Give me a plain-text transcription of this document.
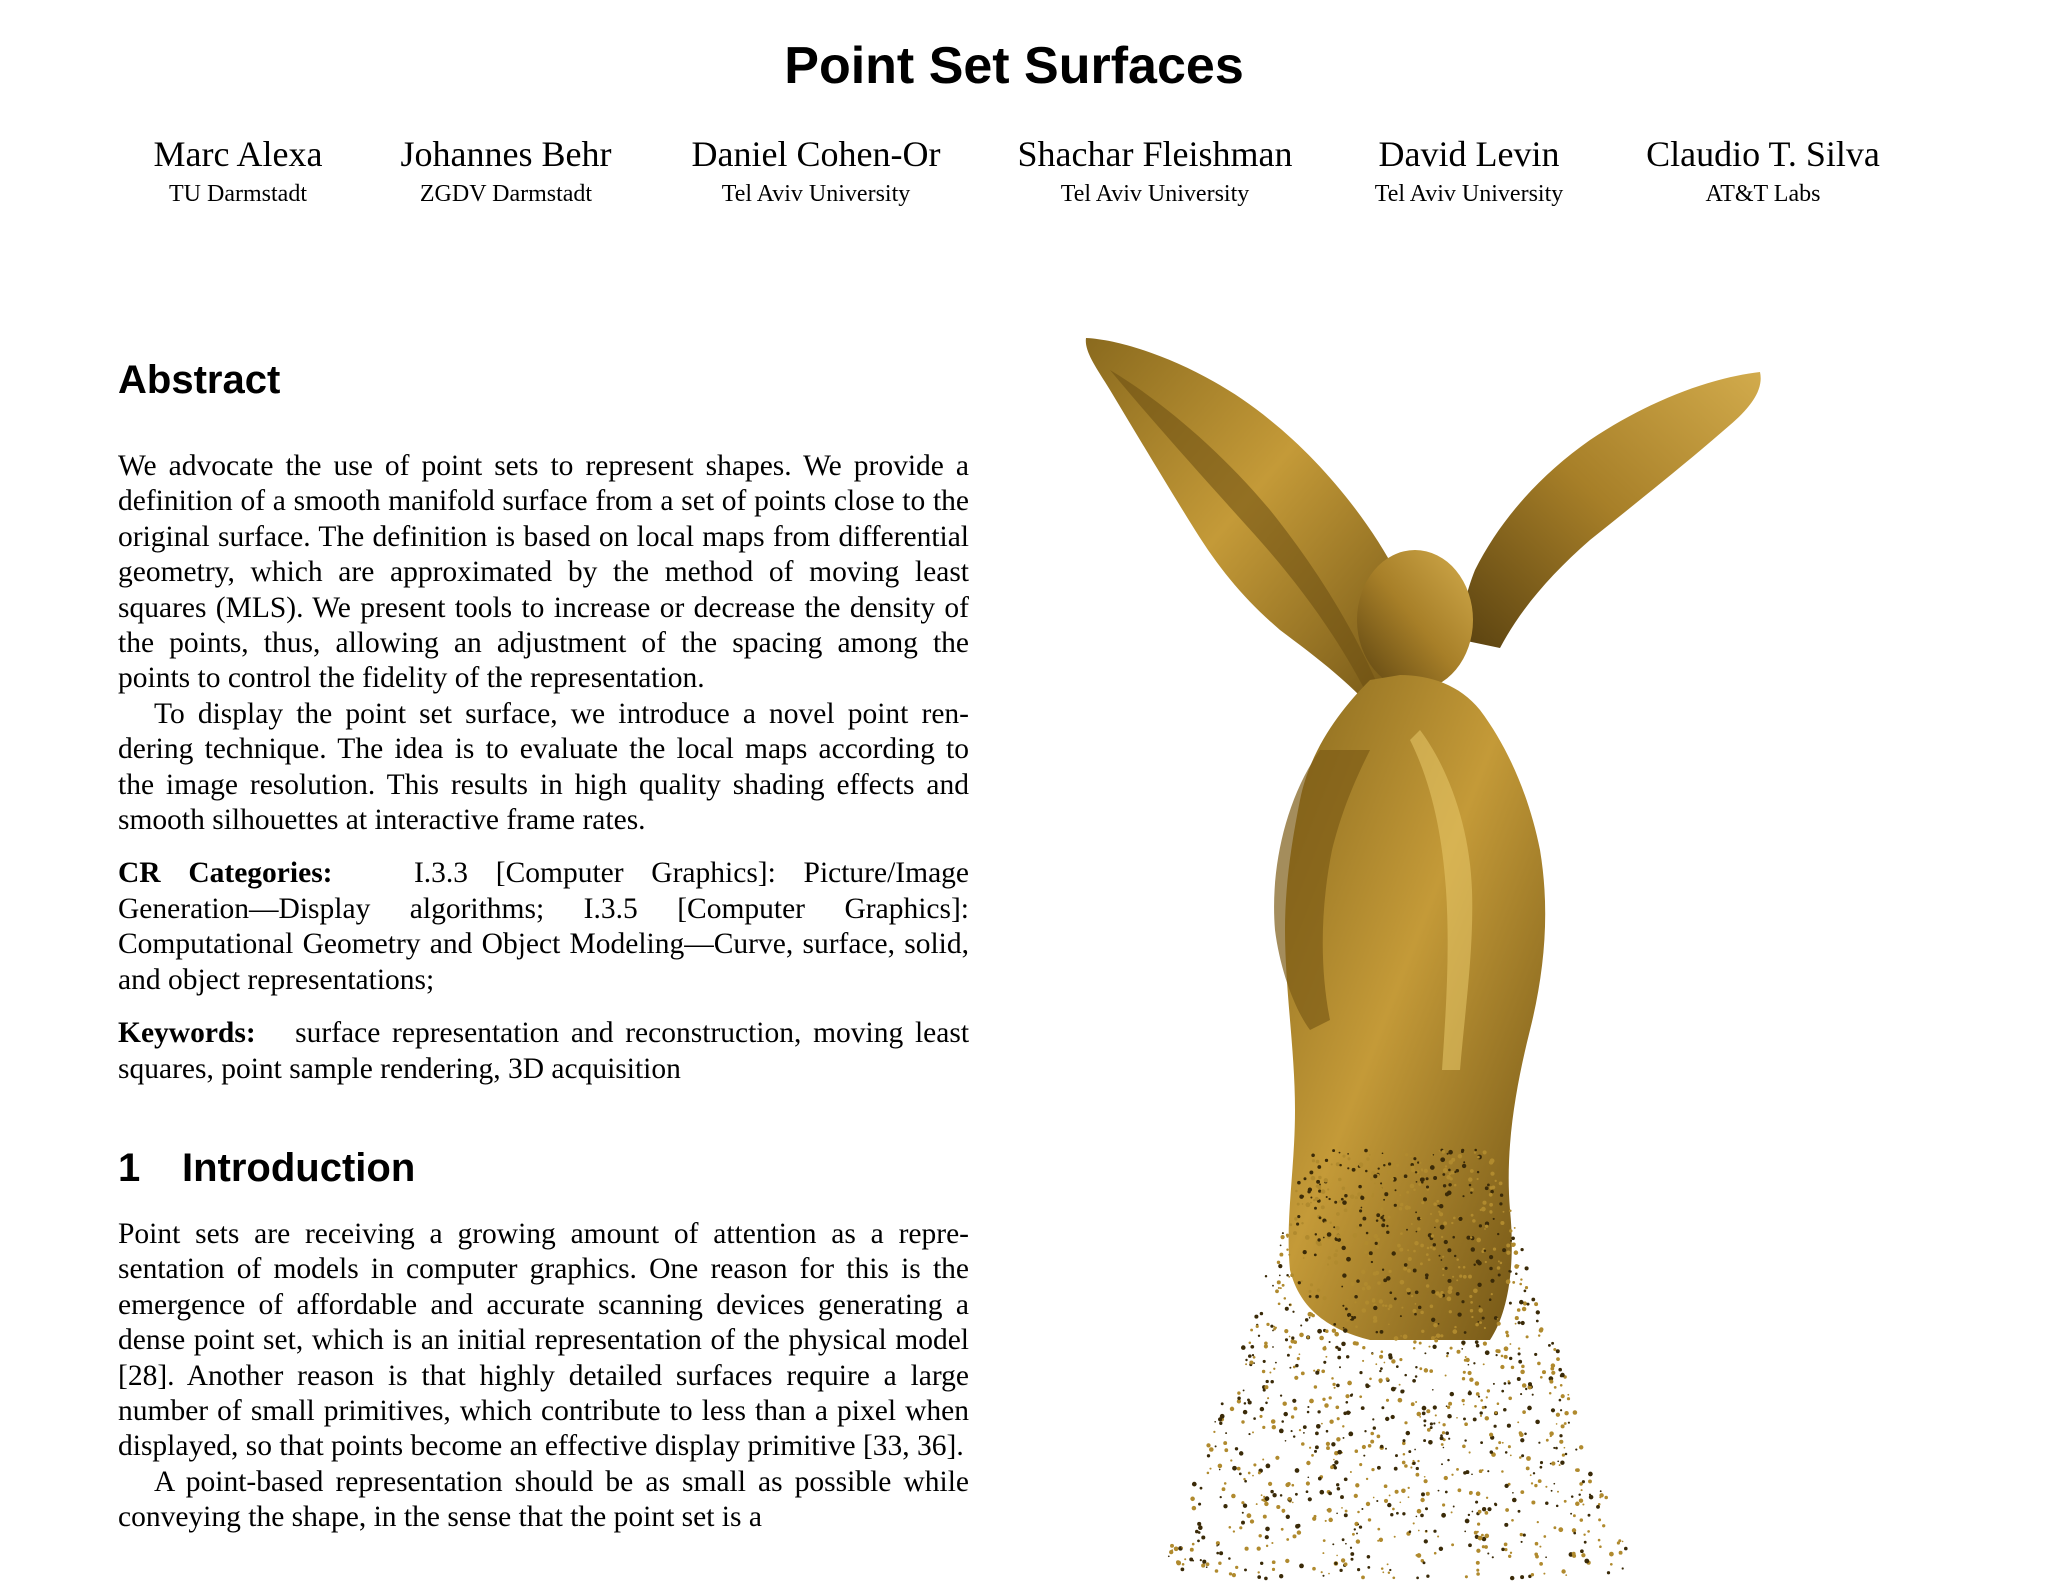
Point Set Surfaces
Marc Alexa
TU Darmstadt
Johannes Behr
ZGDV Darmstadt
Daniel Cohen-Or
Tel Aviv University
Shachar Fleishman
Tel Aviv University
David Levin
Tel Aviv University
Claudio T. Silva
AT&T Labs
Abstract

We advocate the use of point sets to represent shapes. We provide a definition of a smooth manifold surface from a set of points close to the original surface. The definition is based on local maps from differential geometry, which are approximated by the method of moving least squares (MLS). We present tools to increase or decrease the density of the points, thus, allowing an adjustment of the spacing among the points to control the fidelity of the representation.

To display the point set surface, we introduce a novel point rendering technique. The idea is to evaluate the local maps according to the image resolution. This results in high quality shading effects and smooth silhouettes at interactive frame rates.

CR Categories:	I.3.3 [Computer Graphics]: Picture/Image Generation—Display algorithms; I.3.5 [Computer Graphics]: Computational Geometry and Object Modeling—Curve, surface, solid, and object representations;

Keywords: surface representation and reconstruction, moving least squares, point sample rendering, 3D acquisition

1 Introduction

Point sets are receiving a growing amount of attention as a representation of models in computer graphics. One reason for this is the emergence of affordable and accurate scanning devices generating a dense point set, which is an initial representation of the physical model [28]. Another reason is that highly detailed surfaces require a large number of small primitives, which contribute to less than a pixel when displayed, so that points become an effective display primitive [33, 36].

A point-based representation should be as small as possible while conveying the shape, in the sense that the point set is a
